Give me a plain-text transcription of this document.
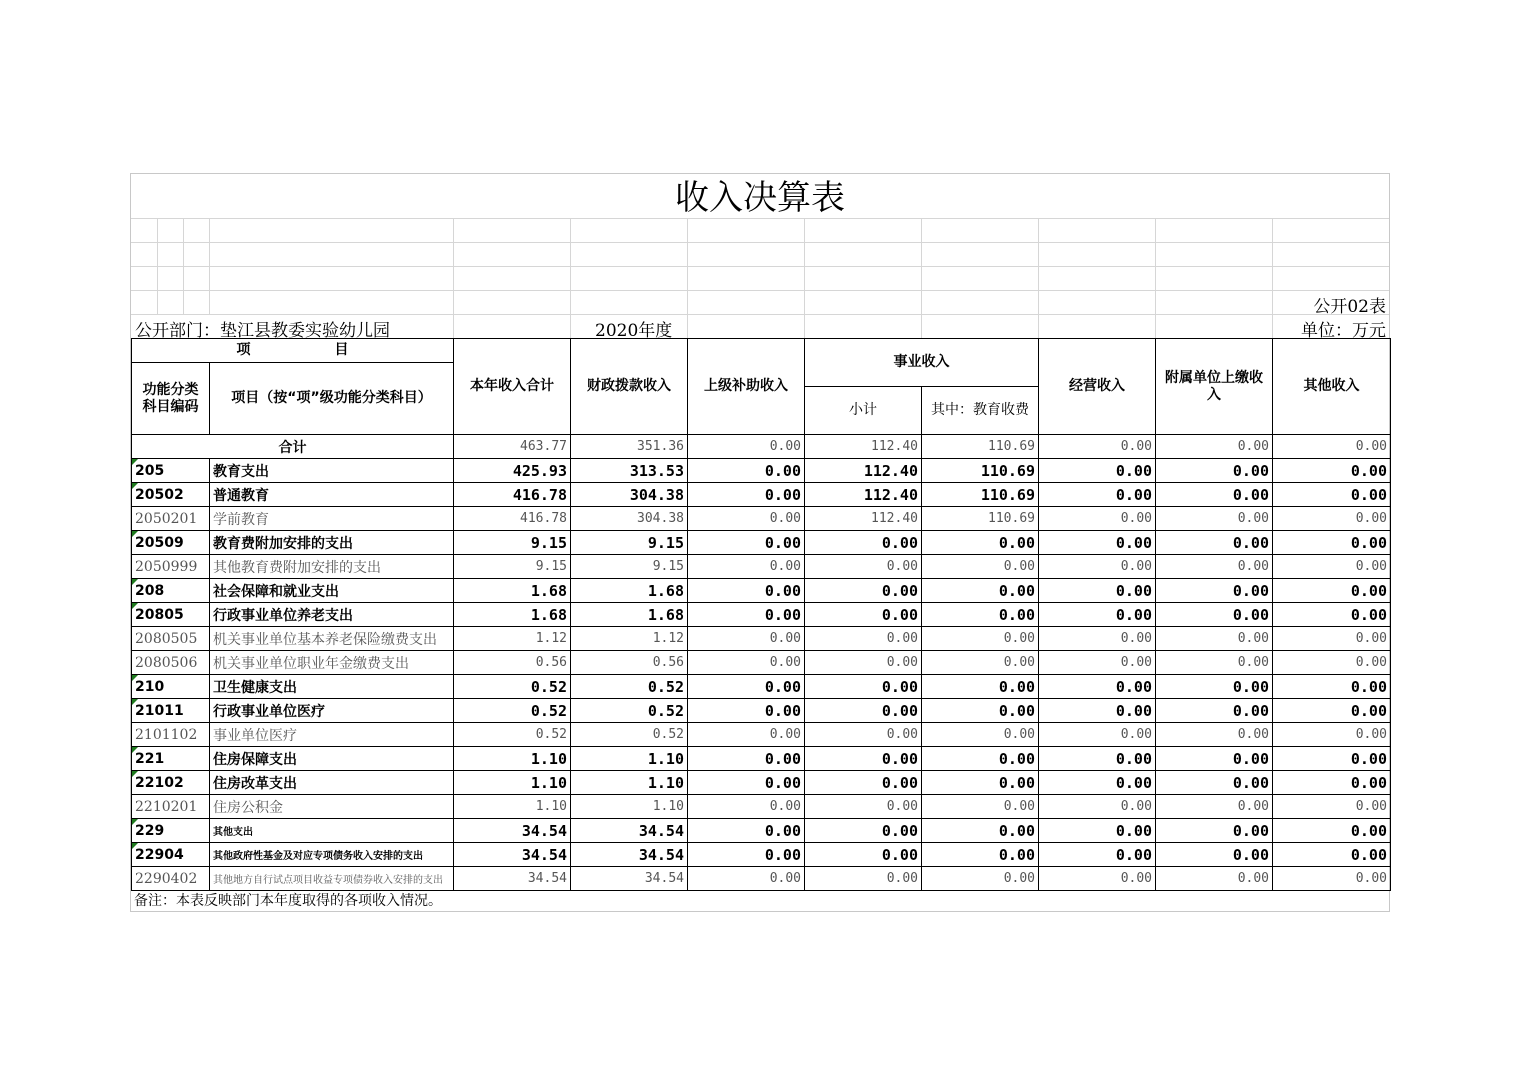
收入决算表
公开02表
公开部门：垫江县教委实验幼儿园	2020年度	单位：万元
项　　　　　　目		本年收入合计	财政拨款收入	上级补助收入	事业收入		经营收入	附属单位上缴收入	其他收入
功能分类
科目编码	项目（按“项”级功能分类科目）								
					小计	其中：教育收费			
合计		463.77	351.36	0.00	112.40	110.69	0.00	0.00	0.00

205	教育支出	425.93	313.53	0.00	112.40	110.69	0.00	0.00	0.00

20502	普通教育	416.78	304.38	0.00	112.40	110.69	0.00	0.00	0.00
2050201	学前教育	416.78	304.38	0.00	112.40	110.69	0.00	0.00	0.00

20509	教育费附加安排的支出	9.15	9.15	0.00	0.00	0.00	0.00	0.00	0.00
2050999	其他教育费附加安排的支出	9.15	9.15	0.00	0.00	0.00	0.00	0.00	0.00

208	社会保障和就业支出	1.68	1.68	0.00	0.00	0.00	0.00	0.00	0.00

20805	行政事业单位养老支出	1.68	1.68	0.00	0.00	0.00	0.00	0.00	0.00
2080505	机关事业单位基本养老保险缴费支出	1.12	1.12	0.00	0.00	0.00	0.00	0.00	0.00
2080506	机关事业单位职业年金缴费支出	0.56	0.56	0.00	0.00	0.00	0.00	0.00	0.00

210	卫生健康支出	0.52	0.52	0.00	0.00	0.00	0.00	0.00	0.00

21011	行政事业单位医疗	0.52	0.52	0.00	0.00	0.00	0.00	0.00	0.00
2101102	事业单位医疗	0.52	0.52	0.00	0.00	0.00	0.00	0.00	0.00

221	住房保障支出	1.10	1.10	0.00	0.00	0.00	0.00	0.00	0.00

22102	住房改革支出	1.10	1.10	0.00	0.00	0.00	0.00	0.00	0.00
2210201	住房公积金	1.10	1.10	0.00	0.00	0.00	0.00	0.00	0.00

229	其他支出	34.54	34.54	0.00	0.00	0.00	0.00	0.00	0.00

22904	其他政府性基金及对应专项债务收入安排的支出	34.54	34.54	0.00	0.00	0.00	0.00	0.00	0.00
2290402	其他地方自行试点项目收益专项债券收入安排的支出	34.54	34.54	0.00	0.00	0.00	0.00	0.00	0.00
备注：本表反映部门本年度取得的各项收入情况。
